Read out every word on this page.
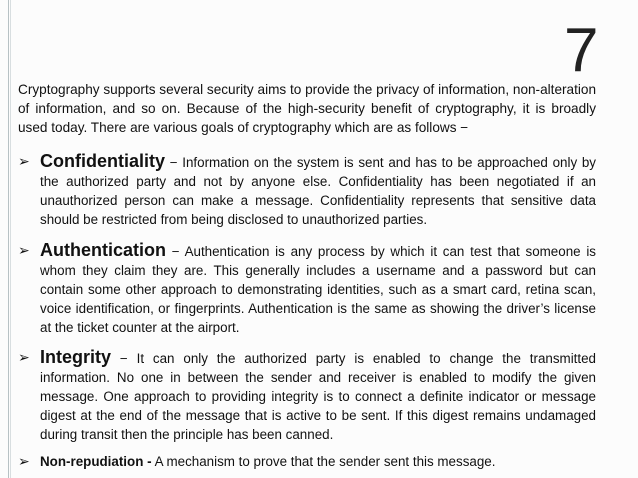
7

Cryptography supports several security aims to provide the privacy of information, non-alteration of information, and so on. Because of the high-security benefit of cryptography, it is broadly used today. There are various goals of cryptography which are as follows −

➢ Confidentiality − Information on the system is sent and has to be approached only by the authorized party and not by anyone else. Confidentiality has been negotiated if an unauthorized person can make a message. Confidentiality represents that sensitive data should be restricted from being disclosed to unauthorized parties.
➢ Authentication − Authentication is any process by which it can test that someone is whom they claim they are. This generally includes a username and a password but can contain some other approach to demonstrating identities, such as a smart card, retina scan, voice identification, or fingerprints. Authentication is the same as showing the driver’s license at the ticket counter at the airport.
➢ Integrity − It can only the authorized party is enabled to change the transmitted information. No one in between the sender and receiver is enabled to modify the given message. One approach to providing integrity is to connect a definite indicator or message digest at the end of the message that is active to be sent. If this digest remains undamaged during transit then the principle has been canned.
➢ Non-repudiation - A mechanism to prove that the sender sent this message.
